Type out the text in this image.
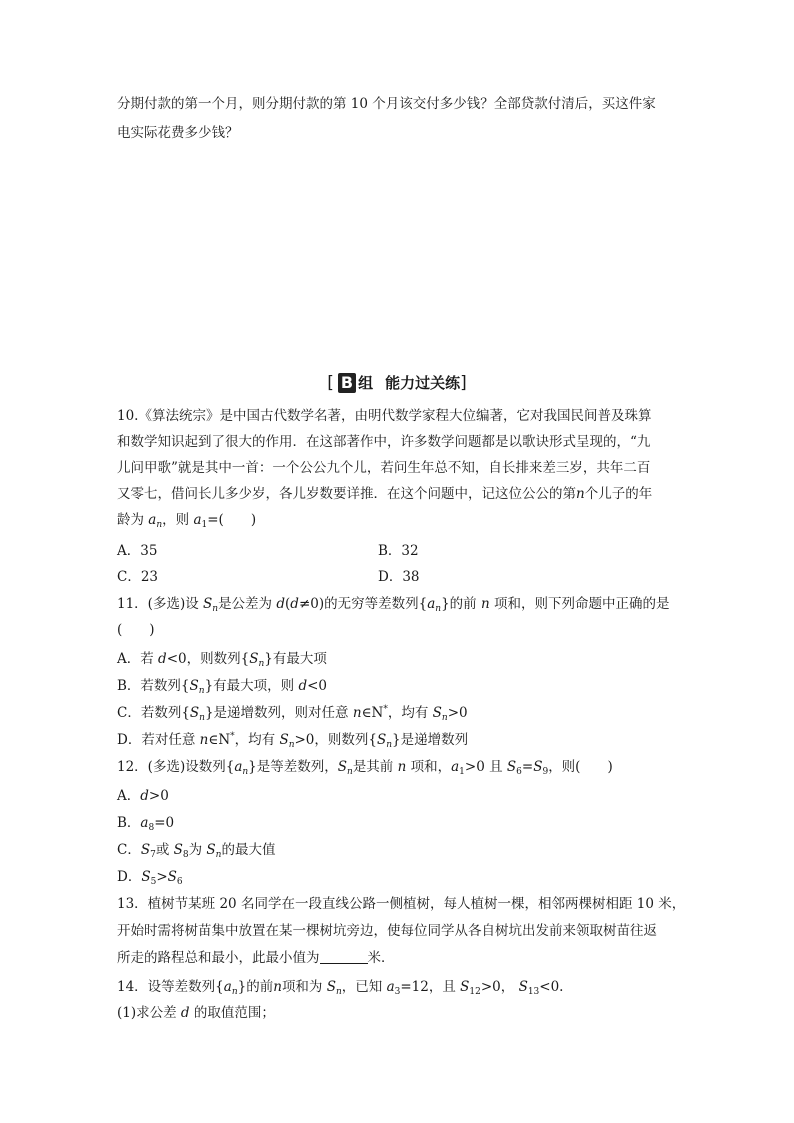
分期付款的第一个月，则分期付款的第 10 个月该交付多少钱？全部贷款付清后，买这件家
电实际花费多少钱？
[ B 组 能力过关练]
10.《算法统宗》是中国古代数学名著，由明代数学家程大位编著，它对我国民间普及珠算
和数学知识起到了很大的作用．在这部著作中，许多数学问题都是以歌诀形式呈现的，“九
儿问甲歌”就是其中一首：一个公公九个儿，若问生年总不知，自长排来差三岁，共年二百
又零七，借问长儿多少岁，各儿岁数要详推．在这个问题中，记这位公公的第n个儿子的年
龄为 $a_n$，则 $a_1=$(　　)
A．35	B．32
C．23	D．38
11．(多选)设 $S_n$是公差为 d(d≠0)的无穷等差数列$\{a_n\}$的前 n 项和，则下列命题中正确的是
(　　)
A．若 d<0，则数列$\{S_n\}$有最大项
B．若数列$\{S_n\}$有最大项，则 d<0
C．若数列$\{S_n\}$是递增数列，则对任意 n∈N*，均有 $S_n>0$
D．若对任意 n∈N*，均有 $S_n>0$，则数列$\{S_n\}$是递增数列
12．(多选)设数列$\{a_n\}$是等差数列，$S_n$是其前 n 项和，$a_1>0$ 且 $S_6=S_9$，则(　　)
A．d>0
B．$a_8=0$
C．$S_7$或 $S_8$为 $S_n$的最大值
D．$S_5>S_6$
13．植树节某班 20 名同学在一段直线公路一侧植树，每人植树一棵，相邻两棵树相距 10 米，
开始时需将树苗集中放置在某一棵树坑旁边，使每位同学从各自树坑出发前来领取树苗往返
所走的路程总和最小，此最小值为	米．
14．设等差数列$\{a_n\}$的前n项和为 $S_n$，已知 $a_3=12$，且 $S_{12}>0$， $S_{13}<0$.
(1)求公差 d 的取值范围；
